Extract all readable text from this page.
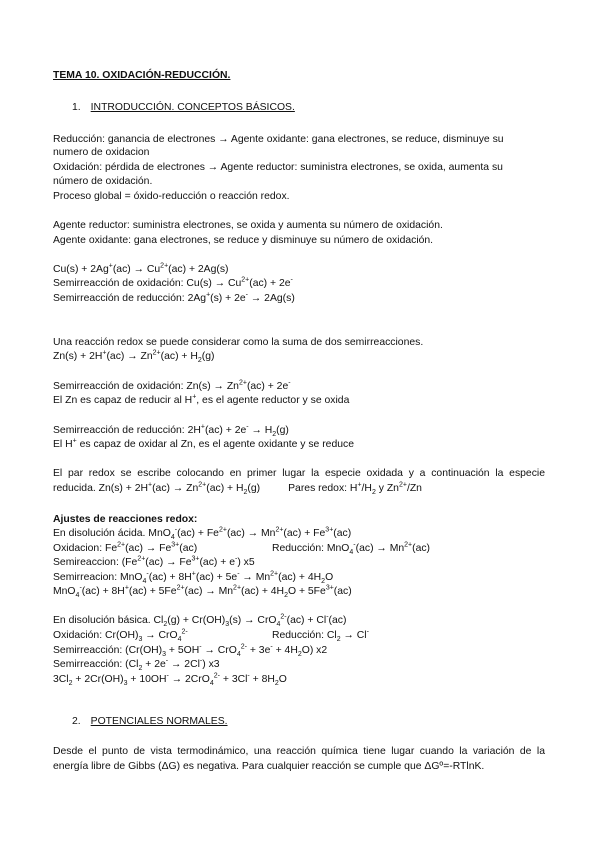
TEMA 10. OXIDACIÓN-REDUCCIÓN.
1. INTRODUCCIÓN. CONCEPTOS BÁSICOS.
Reducción: ganancia de electrones → Agente oxidante: gana electrones, se reduce, disminuye su
numero de oxidacion
Oxidación: pérdida de electrones → Agente reductor: suministra electrones, se oxida, aumenta su
número de oxidación.
Proceso global = óxido-reducción o reacción redox.
Agente reductor: suministra electrones, se oxida y aumenta su número de oxidación.
Agente oxidante: gana electrones, se reduce y disminuye su número de oxidación.
$Cu(s) + 2Ag^+(ac) \to Cu^{2+}(ac) + 2Ag(s)$
Semirreacción de oxidación: $Cu(s) \to Cu^{2+}(ac) + 2e^-$
Semirreacción de reducción: 2Ag+(s) + 2e- → 2Ag(s)
Una reacción redox se puede considerar como la suma de dos semirreacciones.
$Zn(s) + 2H^+(ac) \to Zn^{2+}(ac) + H_2(g)$
Semirreacción de oxidación: $Zn(s) \to Zn^{2+}(ac) + 2e^-$
El Zn es capaz de reducir al H+, es el agente reductor y se oxida
Semirreacción de reducción: $2H^+(ac) + 2e^- \to H_2(g)$
El H+ es capaz de oxidar al Zn, es el agente oxidante y se reduce
El par redox se escribe colocando en primer lugar la especie oxidada y a continuación la especie
reducida. $Zn(s) + 2H^+(ac) \to Zn^{2+}(ac) + H_2(g)$	Pares redox: $H^+/H_2$ y $Zn^{2+}/Zn$
Ajustes de reacciones redox:
En disolución ácida. $MnO_4^-(ac) + Fe^{2+}(ac) \to Mn^{2+}(ac) + Fe^{3+}(ac)$
Oxidacion: $Fe^{2+}(ac) \to Fe^{3+}(ac)$	Reducción: $MnO_4^-(ac) \to Mn^{2+}(ac)$
Semireaccion: $(Fe^{2+}(ac) \to Fe^{3+}(ac) + e^-)$ x5
Semirreacion: $MnO_4^-(ac) + 8H^+(ac) + 5e^- \to Mn^{2+}(ac) + 4H_2O$
$MnO_4^-(ac) + 8H^+(ac) + 5Fe^{2+}(ac) \to Mn^{2+}(ac) + 4H_2O + 5Fe^{3+}(ac)$
En disolución básica. $Cl_2(g) + Cr(OH)_3(s) \to CrO_4^{2-}(ac) + Cl^-(ac)$
Oxidación: $Cr(OH)_3 \to CrO_4^{2-}$	Reducción: $Cl_2 \to Cl^-$
Semirreacción: $(Cr(OH)_3 + 5OH^- \to CrO_4^{2-} + 3e^- + 4H_2O)$ x2
Semirreacción: $(Cl_2 + 2e^- \to 2Cl^-)$ x3
$3Cl_2 + 2Cr(OH)_3 + 10OH^- \to 2CrO_4^{2-} + 3Cl^- + 8H_2O$
2. POTENCIALES NORMALES.
Desde el punto de vista termodinámico, una reacción química tiene lugar cuando la variación de la
energía libre de Gibbs (ΔG) es negativa. Para cualquier reacción se cumple que ΔGº=-RTlnK.
